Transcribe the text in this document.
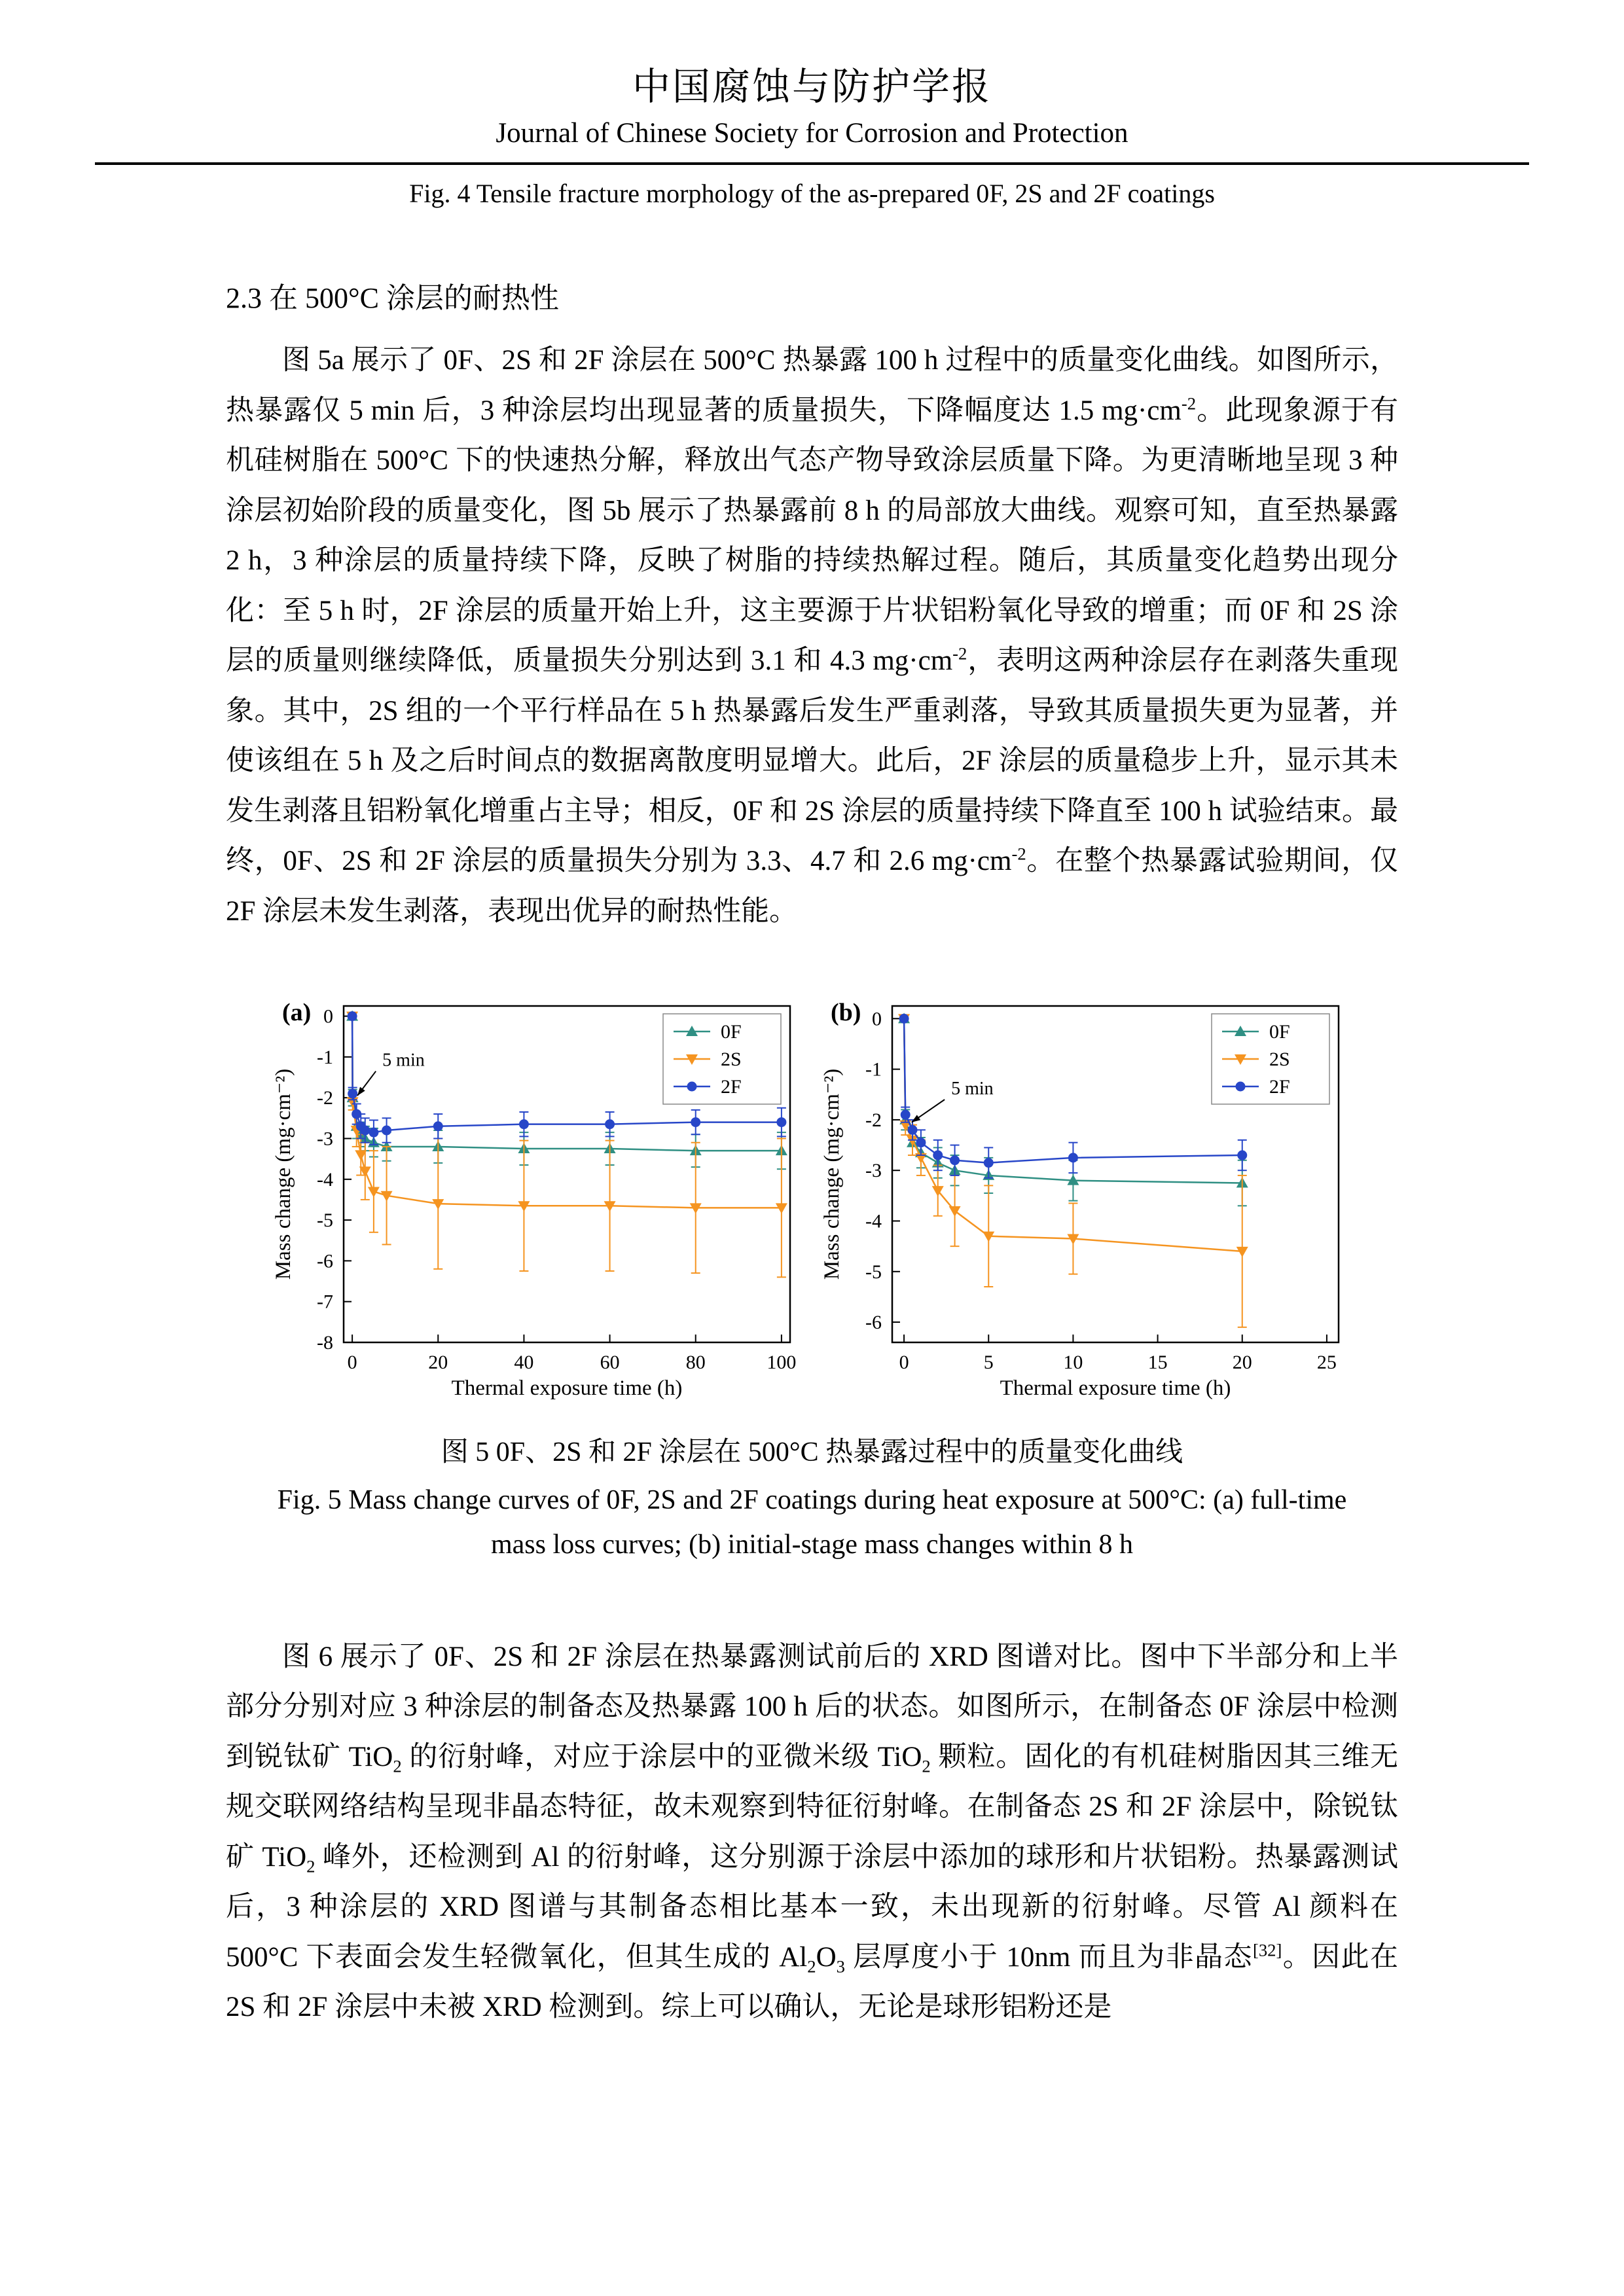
中国腐蚀与防护学报
Journal of Chinese Society for Corrosion and Protection
Fig. 4 Tensile fracture morphology of the as-prepared 0F, 2S and 2F coatings
2.3 在 500°C 涂层的耐热性

图 5a 展示了 0F、2S 和 2F 涂层在 500°C 热暴露 100 h 过程中的质量变化曲线。如图所示，热暴露仅 5 min 后，3 种涂层均出现显著的质量损失，下降幅度达 1.5 $mg\cdot cm^{-2}$。此现象源于有机硅树脂在 500°C 下的快速热分解，释放出气态产物导致涂层质量下降。为更清晰地呈现 3 种涂层初始阶段的质量变化，图 5b 展示了热暴露前 8 h 的局部放大曲线。观察可知，直至热暴露 2 h，3 种涂层的质量持续下降，反映了树脂的持续热解过程。随后，其质量变化趋势出现分化：至 5 h 时，2F 涂层的质量开始上升，这主要源于片状铝粉氧化导致的增重；而 0F 和 2S 涂层的质量则继续降低，质量损失分别达到 3.1 和 4.3 $mg\cdot cm^{-2}$，表明这两种涂层存在剥落失重现象。其中，2S 组的一个平行样品在 5 h 热暴露后发生严重剥落，导致其质量损失更为显著，并使该组在 5 h 及之后时间点的数据离散度明显增大。此后，2F 涂层的质量稳步上升，显示其未发生剥落且铝粉氧化增重占主导；相反，0F 和 2S 涂层的质量持续下降直至 100 h 试验结束。最终，0F、2S 和 2F 涂层的质量损失分别为 3.3、4.7 和 2.6 $mg\cdot cm^{-2}$。在整个热暴露试验期间，仅 2F 涂层未发生剥落，表现出优异的耐热性能。

0	20	40	60	80	100
0
-1
-2
-3
-4
-5
-6
-7
-8
Thermal exposure time (h)
Mass change (mg·cm⁻²)
(a)
0F
2S
2F
5 min
0	5	10	15	20	25
0
-1
-2
-3
-4
-5
-6
Thermal exposure time (h)
Mass change (mg·cm⁻²)
(b)
0F
2S
2F
5 min
图 5 0F、2S 和 2F 涂层在 500°C 热暴露过程中的质量变化曲线
Fig. 5 Mass change curves of 0F, 2S and 2F coatings during heat exposure at 500°C: (a) full-time mass loss curves; (b) initial-stage mass changes within 8 h

图 6 展示了 0F、2S 和 2F 涂层在热暴露测试前后的 XRD 图谱对比。图中下半部分和上半部分分别对应 3 种涂层的制备态及热暴露 100 h 后的状态。如图所示，在制备态 0F 涂层中检测到锐钛矿 TiO$_2$ 的衍射峰，对应于涂层中的亚微米级 TiO$_2$ 颗粒。固化的有机硅树脂因其三维无规交联网络结构呈现非晶态特征，故未观察到特征衍射峰。在制备态 2S 和 2F 涂层中，除锐钛矿 TiO$_2$ 峰外，还检测到 Al 的衍射峰，这分别源于涂层中添加的球形和片状铝粉。热暴露测试后，3 种涂层的 XRD 图谱与其制备态相比基本一致，未出现新的衍射峰。尽管 Al 颜料在 500°C 下表面会发生轻微氧化，但其生成的 $Al_2O_3$ 层厚度小于 10nm 而且为非晶态[32]。因此在 2S 和 2F 涂层中未被 XRD 检测到。综上可以确认，无论是球形铝粉还是
